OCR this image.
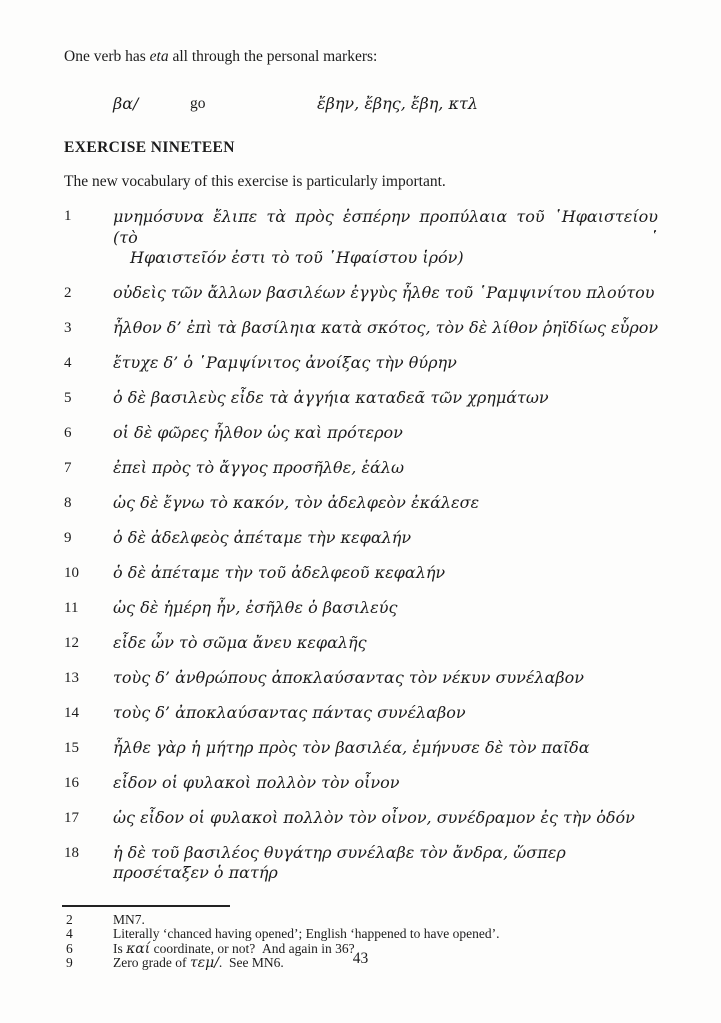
One verb has eta all through the personal markers:

βα/	go	ἔβην, ἔβης, ἔβη, κτλ
EXERCISE NINETEEN

The new vocabulary of this exercise is particularly important.

1	μνημόσυνα ἔλιπε τὰ πρὸς ἑσπέρην προπύλαια τοῦ ῾Ηφαιστείου (τὸ ῾
Ηφαιστεῖόν ἐστι τὸ τοῦ ῾Ηφαίστου ἱρόν)
2	οὐδεὶς τῶν ἄλλων βασιλέων ἐγγὺς ἦλθε τοῦ ῾Ραμψινίτου πλούτου
3	ἦλθον δ’ ἐπὶ τὰ βασίληια κατὰ σκότος, τὸν δὲ λίθον ῥηϊδίως εὗρον
4	ἔτυχε δ’ ὁ ῾Ραμψίνιτος ἀνοίξας τὴν θύρην
5	ὁ δὲ βασιλεὺς εἶδε τὰ ἀγγήια καταδεᾶ τῶν χρημάτων
6	οἱ δὲ φῶρες ἦλθον ὡς καὶ πρότερον
7	ἐπεὶ πρὸς τὸ ἄγγος προσῆλθε, ἑάλω
8	ὡς δὲ ἔγνω τὸ κακόν, τὸν ἀδελφεὸν ἐκάλεσε
9	ὁ δὲ ἀδελφεὸς ἀπέταμε τὴν κεφαλήν
10	ὁ δὲ ἀπέταμε τὴν τοῦ ἀδελφεοῦ κεφαλήν
11	ὡς δὲ ἡμέρη ἦν, ἐσῆλθε ὁ βασιλεύς
12	εἶδε ὦν τὸ σῶμα ἄνευ κεφαλῆς
13	τοὺς δ’ ἀνθρώπους ἀποκλαύσαντας τὸν νέκυν συνέλαβον
14	τοὺς δ’ ἀποκλαύσαντας πάντας συνέλαβον
15	ἦλθε γὰρ ἡ μήτηρ πρὸς τὸν βασιλέα, ἐμήνυσε δὲ τὸν παῖδα
16	εἶδον οἱ φυλακοὶ πολλὸν τὸν οἶνον
17	ὡς εἶδον οἱ φυλακοὶ πολλὸν τὸν οἶνον, συνέδραμον ἐς τὴν ὁδόν
18	ἡ δὲ τοῦ βασιλέος θυγάτηρ συνέλαβε τὸν ἄνδρα, ὥσπερ προσέταξεν ὁ πατήρ
2	MN7.
4	Literally ‘chanced having opened’; English ‘happened to have opened’.
6	Is καί coordinate, or not? And again in 36?
9	Zero grade of τεμ/. See MN6.	43
